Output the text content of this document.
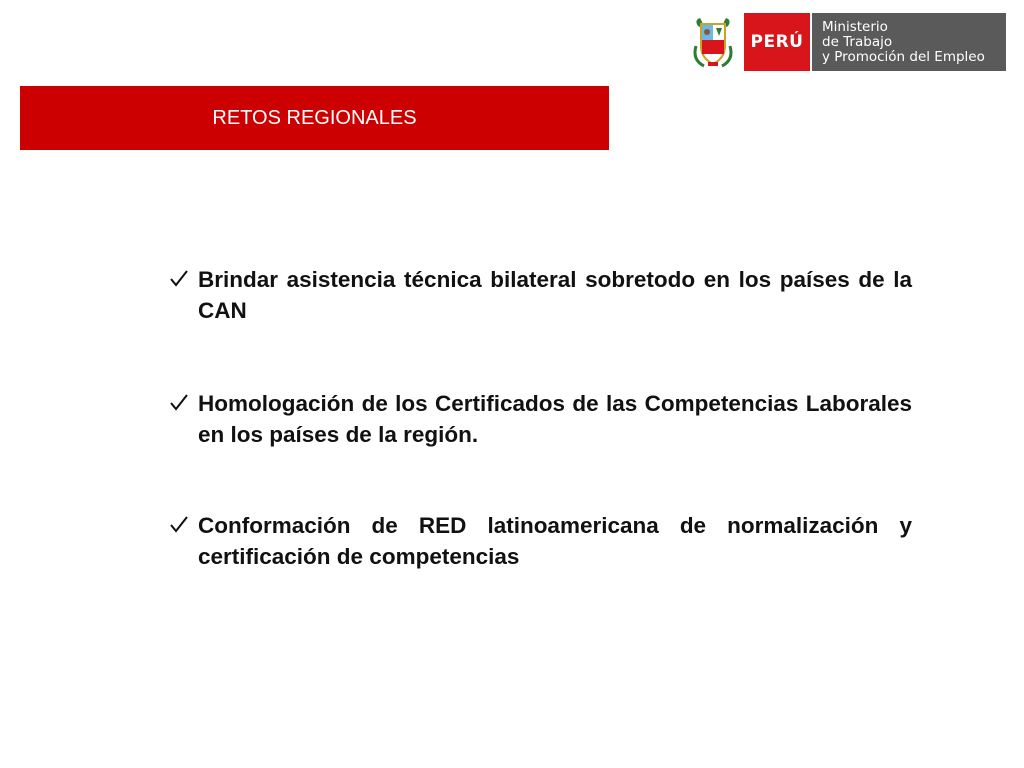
PERÚ
Ministerio
de Trabajo
y Promoción del Empleo
RETOS REGIONALES
Brindar asistencia técnica bilateral sobretodo en los países de la CAN
Homologación de los Certificados de las Competencias Laborales en los países de la región.
Conformación de RED latinoamericana de normalización y certificación de competencias
